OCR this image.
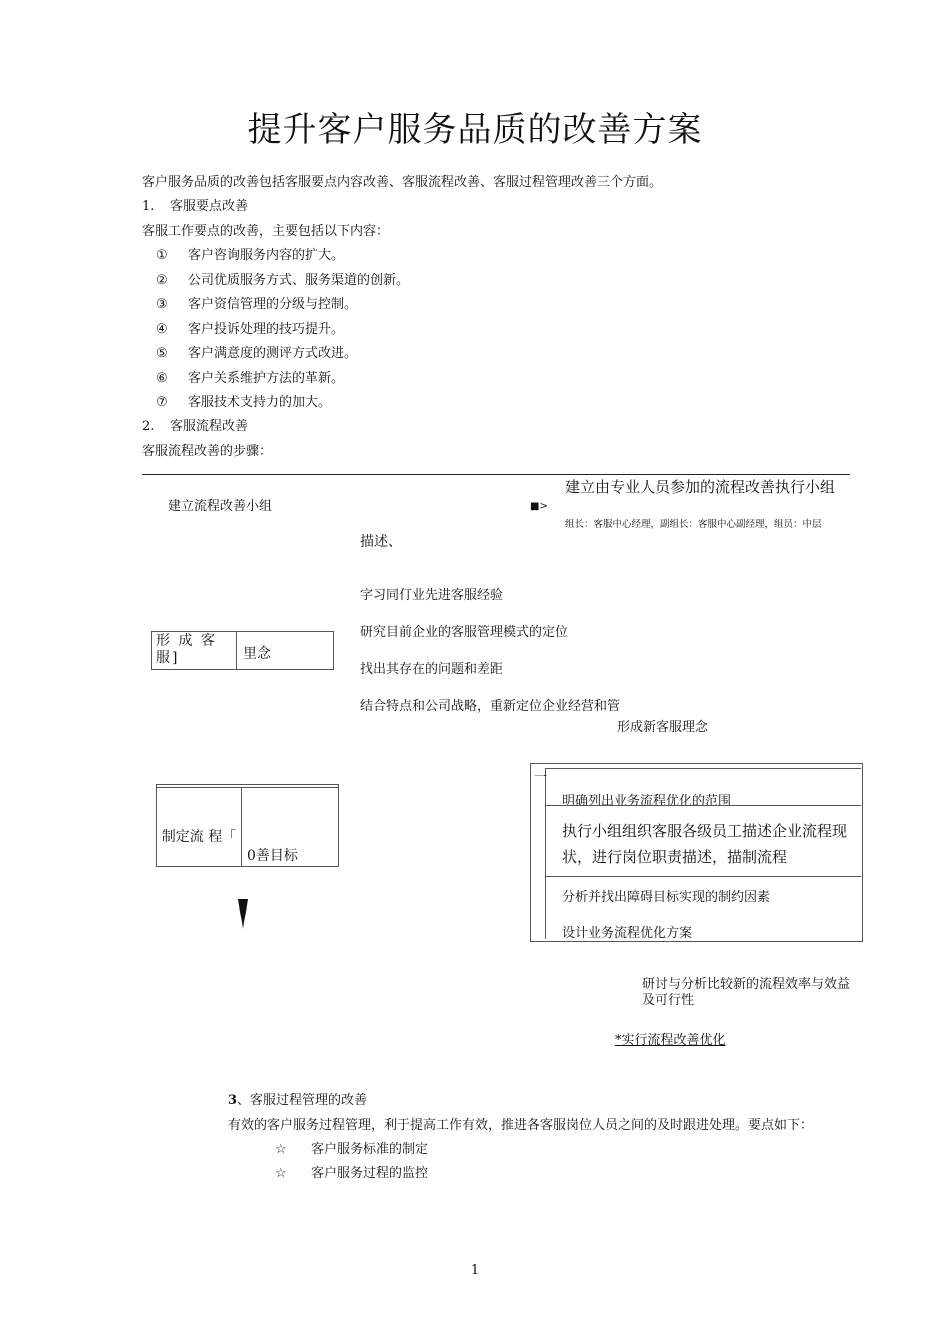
提升客户服务品质的改善方案
客户服务品质的改善包括客服要点内容改善、客服流程改善、客服过程管理改善三个方面。
1. 客服要点改善
客服工作要点的改善，主要包括以下内容：
① 客户咨询服务内容的扩大。
② 公司优质服务方式、服务渠道的创新。
③ 客户资信管理的分级与控制。
④ 客户投诉处理的技巧提升。
⑤ 客户满意度的测评方式改进。
⑥ 客户关系维护方法的革新。
⑦ 客服技术支持力的加大。
2. 客服流程改善
客服流程改善的步骤：
建立流程改善小组	■>
建立由专业人员参加的流程改善执行小组
组长：客服中心经理，副组长：客服中心副经理，组员：中层
描述、
字习同仃业先进客服经验
研究目前企业的客服管理模式的定位
找出其存在的问题和差距
结合特点和公司战略，重新定位企业经营和管
形成新客服理念
形 成 客 服]	里念
制定流 程「
0善目标
一
明确列出业务流程优化的范围
执行小组组织客服各级员工描述企业流程现状，进行岗位职责描述，描制流程
分析并找出障碍目标实现的制约因素
设计业务流程优化方案
研讨与分析比较新的流程效率与效益及可行性
*实行流程改善优化
3、客服过程管理的改善
有效的客户服务过程管理，利于提高工作有效，推进各客服岗位人员之间的及时跟进处理。要点如下：
☆ 客户服务标准的制定
☆ 客户服务过程的监控
1
